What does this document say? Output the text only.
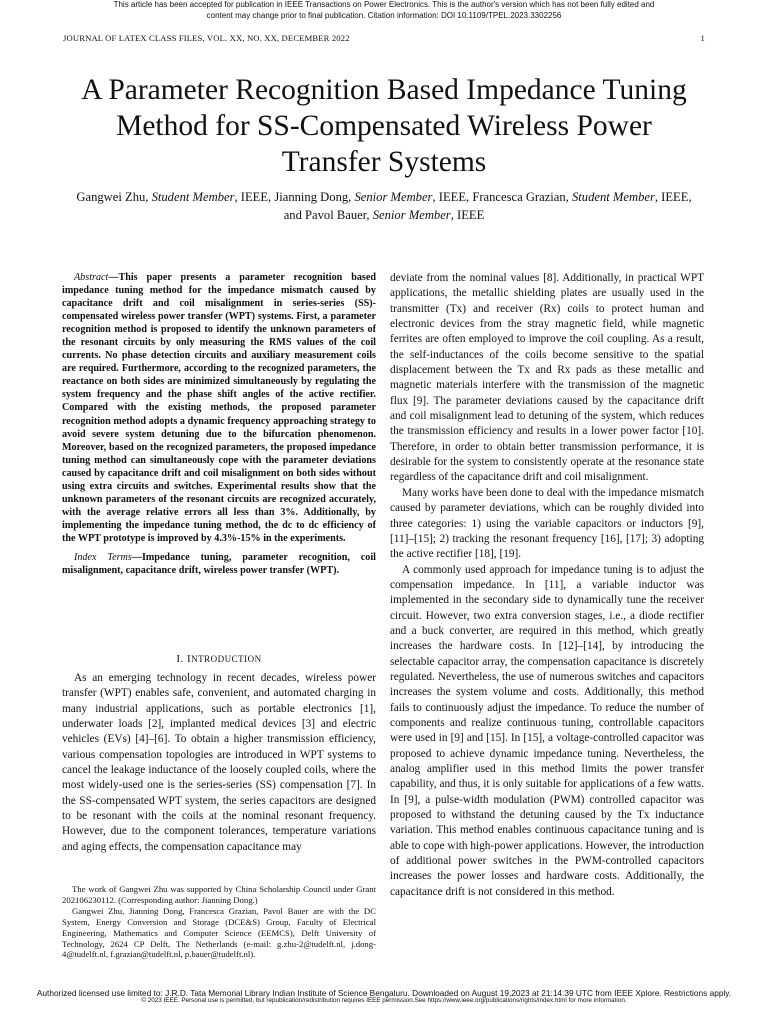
This article has been accepted for publication in IEEE Transactions on Power Electronics. This is the author's version which has not been fully edited and
content may change prior to final publication. Citation information: DOI 10.1109/TPEL.2023.3302256
JOURNAL OF LATEX CLASS FILES, VOL. XX, NO. XX, DECEMBER 2022	1
A Parameter Recognition Based Impedance Tuning
Method for SS-Compensated Wireless Power
Transfer Systems
Gangwei Zhu, Student Member, IEEE, Jianning Dong, Senior Member, IEEE, Francesca Grazian, Student Member, IEEE, and Pavol Bauer, Senior Member, IEEE
Abstract—This paper presents a parameter recognition based impedance tuning method for the impedance mismatch caused by capacitance drift and coil misalignment in series-series (SS)-compensated wireless power transfer (WPT) systems. First, a parameter recognition method is proposed to identify the unknown parameters of the resonant circuits by only measuring the RMS values of the coil currents. No phase detection circuits and auxiliary measurement coils are required. Furthermore, according to the recognized parameters, the reactance on both sides are minimized simultaneously by regulating the system frequency and the phase shift angles of the active rectifier. Compared with the existing methods, the proposed parameter recognition method adopts a dynamic frequency approaching strategy to avoid severe system detuning due to the bifurcation phenomenon. Moreover, based on the recognized parameters, the proposed impedance tuning method can simultaneously cope with the parameter deviations caused by capacitance drift and coil misalignment on both sides without using extra circuits and switches. Experimental results show that the unknown parameters of the resonant circuits are recognized accurately, with the average relative errors all less than 3%. Additionally, by implementing the impedance tuning method, the dc to dc efficiency of the WPT prototype is improved by 4.3%-15% in the experiments.
Index Terms—Impedance tuning, parameter recognition, coil misalignment, capacitance drift, wireless power transfer (WPT).

I. INTRODUCTION

As an emerging technology in recent decades, wireless power transfer (WPT) enables safe, convenient, and automated charging in many industrial applications, such as portable electronics [1], underwater loads [2], implanted medical devices [3] and electric vehicles (EVs) [4]–[6]. To obtain a higher transmission efficiency, various compensation topologies are introduced in WPT systems to cancel the leakage inductance of the loosely coupled coils, where the most widely-used one is the series-series (SS) compensation [7]. In the SS-compensated WPT system, the series capacitors are designed to be resonant with the coils at the nominal resonant frequency. However, due to the component tolerances, temperature variations and aging effects, the compensation capacitance may

The work of Gangwei Zhu was supported by China Scholarship Council under Grant 202106230112. (Corresponding author: Jianning Dong.)

Gangwei Zhu, Jianning Dong, Francesca Grazian, Pavol Bauer are with the DC System, Energy Conversion and Storage (DCE&S) Group, Faculty of Electrical Engineering, Mathematics and Computer Science (EEMCS), Delft University of Technology, 2624 CP Delft, The Netherlands (e-mail: g.zhu-2@tudelft.nl, j.dong-4@tudelft.nl, f.grazian@tudelft.nl, p.bauer@tudelft.nl).

deviate from the nominal values [8]. Additionally, in practical WPT applications, the metallic shielding plates are usually used in the transmitter (Tx) and receiver (Rx) coils to protect human and electronic devices from the stray magnetic field, while magnetic ferrites are often employed to improve the coil coupling. As a result, the self-inductances of the coils become sensitive to the spatial displacement between the Tx and Rx pads as these metallic and magnetic materials interfere with the transmission of the magnetic flux [9]. The parameter deviations caused by the capacitance drift and coil misalignment lead to detuning of the system, which reduces the transmission efficiency and results in a lower power factor [10]. Therefore, in order to obtain better transmission performance, it is desirable for the system to consistently operate at the resonance state regardless of the capacitance drift and coil misalignment.

Many works have been done to deal with the impedance mismatch caused by parameter deviations, which can be roughly divided into three categories: 1) using the variable capacitors or inductors [9], [11]–[15]; 2) tracking the resonant frequency [16], [17]; 3) adopting the active rectifier [18], [19].

A commonly used approach for impedance tuning is to adjust the compensation impedance. In [11], a variable inductor was implemented in the secondary side to dynamically tune the receiver circuit. However, two extra conversion stages, i.e., a diode rectifier and a buck converter, are required in this method, which greatly increases the hardware costs. In [12]–[14], by introducing the selectable capacitor array, the compensation capacitance is discretely regulated. Nevertheless, the use of numerous switches and capacitors increases the system volume and costs. Additionally, this method fails to continuously adjust the impedance. To reduce the number of components and realize continuous tuning, controllable capacitors were used in [9] and [15]. In [15], a voltage-controlled capacitor was proposed to achieve dynamic impedance tuning. Nevertheless, the analog amplifier used in this method limits the power transfer capability, and thus, it is only suitable for applications of a few watts. In [9], a pulse-width modulation (PWM) controlled capacitor was proposed to withstand the detuning caused by the Tx inductance variation. This method enables continuous capacitance tuning and is able to cope with high-power applications. However, the introduction of additional power switches in the PWM-controlled capacitors increases the power losses and hardware costs. Additionally, the capacitance drift is not considered in this method.

Authorized licensed use limited to: J.R.D. Tata Memorial Library Indian Institute of Science Bengaluru. Downloaded on August 19,2023 at 21:14:39 UTC from IEEE Xplore. Restrictions apply.
© 2023 IEEE. Personal use is permitted, but republication/redistribution requires IEEE permission.See https://www.ieee.org/publications/rights/index.html for more information.
